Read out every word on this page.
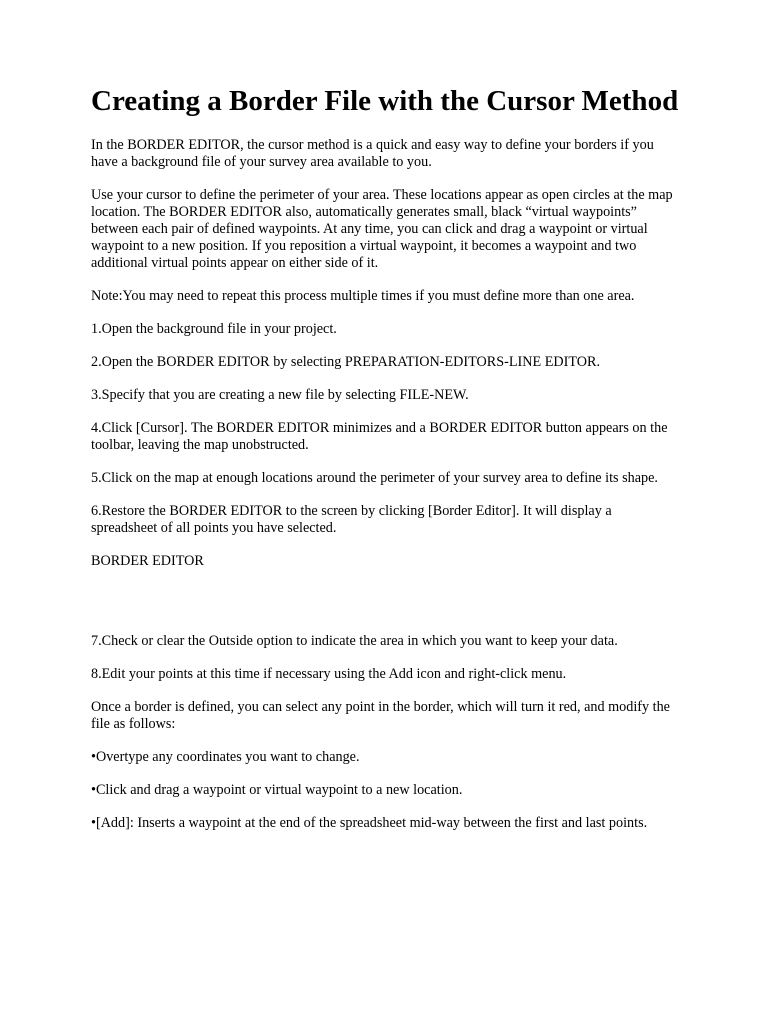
Creating a Border File with the Cursor Method

In the BORDER EDITOR, the cursor method is a quick and easy way to define your borders if you have a background file of your survey area available to you.

Use your cursor to define the perimeter of your area. These locations appear as open circles at the map location. The BORDER EDITOR also, automatically generates small, black “virtual waypoints” between each pair of defined waypoints. At any time, you can click and drag a waypoint or virtual waypoint to a new position. If you reposition a virtual waypoint, it becomes a waypoint and two additional virtual points appear on either side of it.

Note:You may need to repeat this process multiple times if you must define more than one area.

1.Open the background file in your project.

2.Open the BORDER EDITOR by selecting PREPARATION-EDITORS-LINE EDITOR.

3.Specify that you are creating a new file by selecting FILE-NEW.

4.Click [Cursor]. The BORDER EDITOR minimizes and a BORDER EDITOR button appears on the toolbar, leaving the map unobstructed.

5.Click on the map at enough locations around the perimeter of your survey area to define its shape.

6.Restore the BORDER EDITOR to the screen by clicking [Border Editor]. It will display a spreadsheet of all points you have selected.

BORDER EDITOR

7.Check or clear the Outside option to indicate the area in which you want to keep your data.

8.Edit your points at this time if necessary using the Add icon and right-click menu.

Once a border is defined, you can select any point in the border, which will turn it red, and modify the file as follows:

•Overtype any coordinates you want to change.

•Click and drag a waypoint or virtual waypoint to a new location.

•[Add]: Inserts a waypoint at the end of the spreadsheet mid-way between the first and last points.
